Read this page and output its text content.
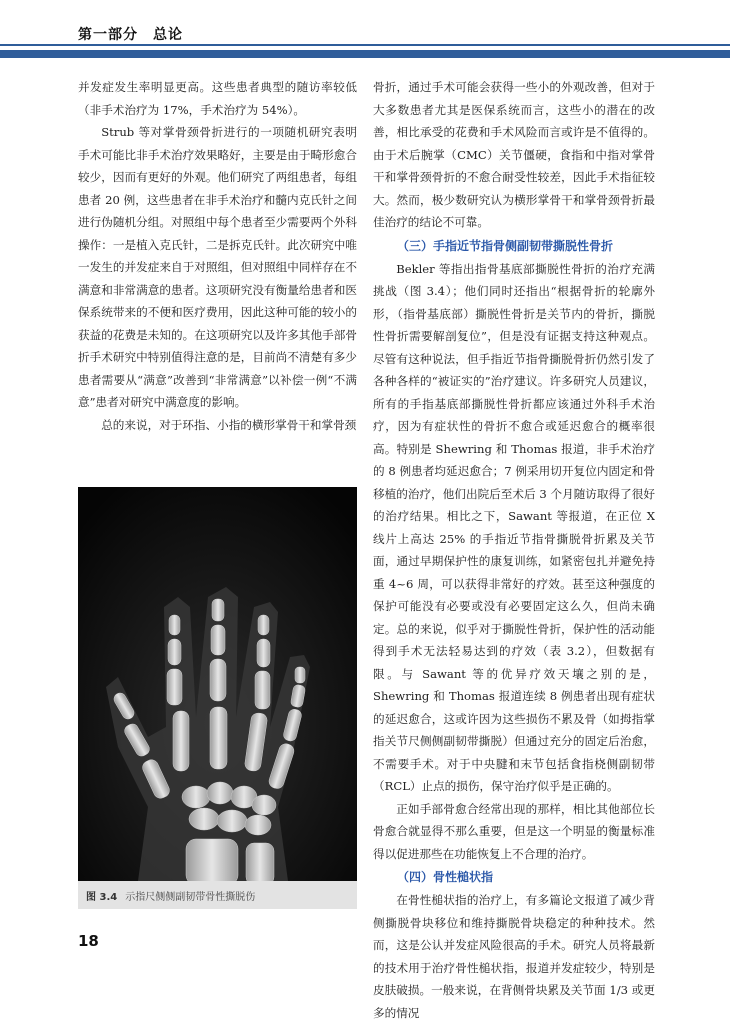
第一部分　总论

并发症发生率明显更高。这些患者典型的随访率较低（非手术治疗为 17%，手术治疗为 54%）。

Strub 等对掌骨颈骨折进行的一项随机研究表明手术可能比非手术治疗效果略好，主要是由于畸形愈合较少，因而有更好的外观。他们研究了两组患者，每组患者 20 例，这些患者在非手术治疗和髓内克氏针之间进行伪随机分组。对照组中每个患者至少需要两个外科操作：一是植入克氏针，二是拆克氏针。此次研究中唯一发生的并发症来自于对照组，但对照组中同样存在不满意和非常满意的患者。这项研究没有衡量给患者和医保系统带来的不便和医疗费用，因此这种可能的较小的获益的花费是未知的。在这项研究以及许多其他手部骨折手术研究中特别值得注意的是，目前尚不清楚有多少患者需要从“满意”改善到“非常满意”以补偿一例“不满意”患者对研究中满意度的影响。

总的来说，对于环指、小指的横形掌骨干和掌骨颈

图 3.4 示指尺侧侧副韧带骨性撕脱伤

骨折，通过手术可能会获得一些小的外观改善，但对于大多数患者尤其是医保系统而言，这些小的潜在的改善，相比承受的花费和手术风险而言或许是不值得的。由于术后腕掌（CMC）关节僵硬，食指和中指对掌骨干和掌骨颈骨折的不愈合耐受性较差，因此手术指征较大。然而，极少数研究认为横形掌骨干和掌骨颈骨折最佳治疗的结论不可靠。

（三）手指近节指骨侧副韧带撕脱性骨折

Bekler 等指出指骨基底部撕脱性骨折的治疗充满挑战（图 3.4）；他们同时还指出“根据骨折的轮廓外形，（指骨基底部）撕脱性骨折是关节内的骨折，撕脱性骨折需要解剖复位”，但是没有证据支持这种观点。尽管有这种说法，但手指近节指骨撕脱骨折仍然引发了各种各样的“被证实的”治疗建议。许多研究人员建议，所有的手指基底部撕脱性骨折都应该通过外科手术治疗，因为有症状性的骨折不愈合或延迟愈合的概率很高。特别是 Shewring 和 Thomas 报道，非手术治疗的 8 例患者均延迟愈合；7 例采用切开复位内固定和骨移植的治疗，他们出院后至术后 3 个月随访取得了很好的治疗结果。相比之下，Sawant 等报道，在正位 X 线片上高达 25% 的手指近节指骨撕脱骨折累及关节面，通过早期保护性的康复训练，如紧密包扎并避免持重 4~6 周，可以获得非常好的疗效。甚至这种强度的保护可能没有必要或没有必要固定这么久，但尚未确定。总的来说，似乎对于撕脱性骨折，保护性的活动能得到手术无法轻易达到的疗效（表 3.2），但数据有限。与 Sawant 等的优异疗效天壤之别的是，Shewring 和 Thomas 报道连续 8 例患者出现有症状的延迟愈合，这或许因为这些损伤不累及骨（如拇指掌指关节尺侧侧副韧带撕脱）但通过充分的固定后治愈，不需要手术。对于中央腱和末节包括食指桡侧副韧带（RCL）止点的损伤，保守治疗似乎是正确的。

正如手部骨愈合经常出现的那样，相比其他部位长骨愈合就显得不那么重要，但是这一个明显的衡量标准得以促进那些在功能恢复上不合理的治疗。

（四）骨性槌状指

在骨性槌状指的治疗上，有多篇论文报道了减少背侧撕脱骨块移位和维持撕脱骨块稳定的种种技术。然而，这是公认并发症风险很高的手术。研究人员将最新的技术用于治疗骨性槌状指，报道并发症较少，特别是皮肤破损。一般来说，在背侧骨块累及关节面 1/3 或更多的情况

18
